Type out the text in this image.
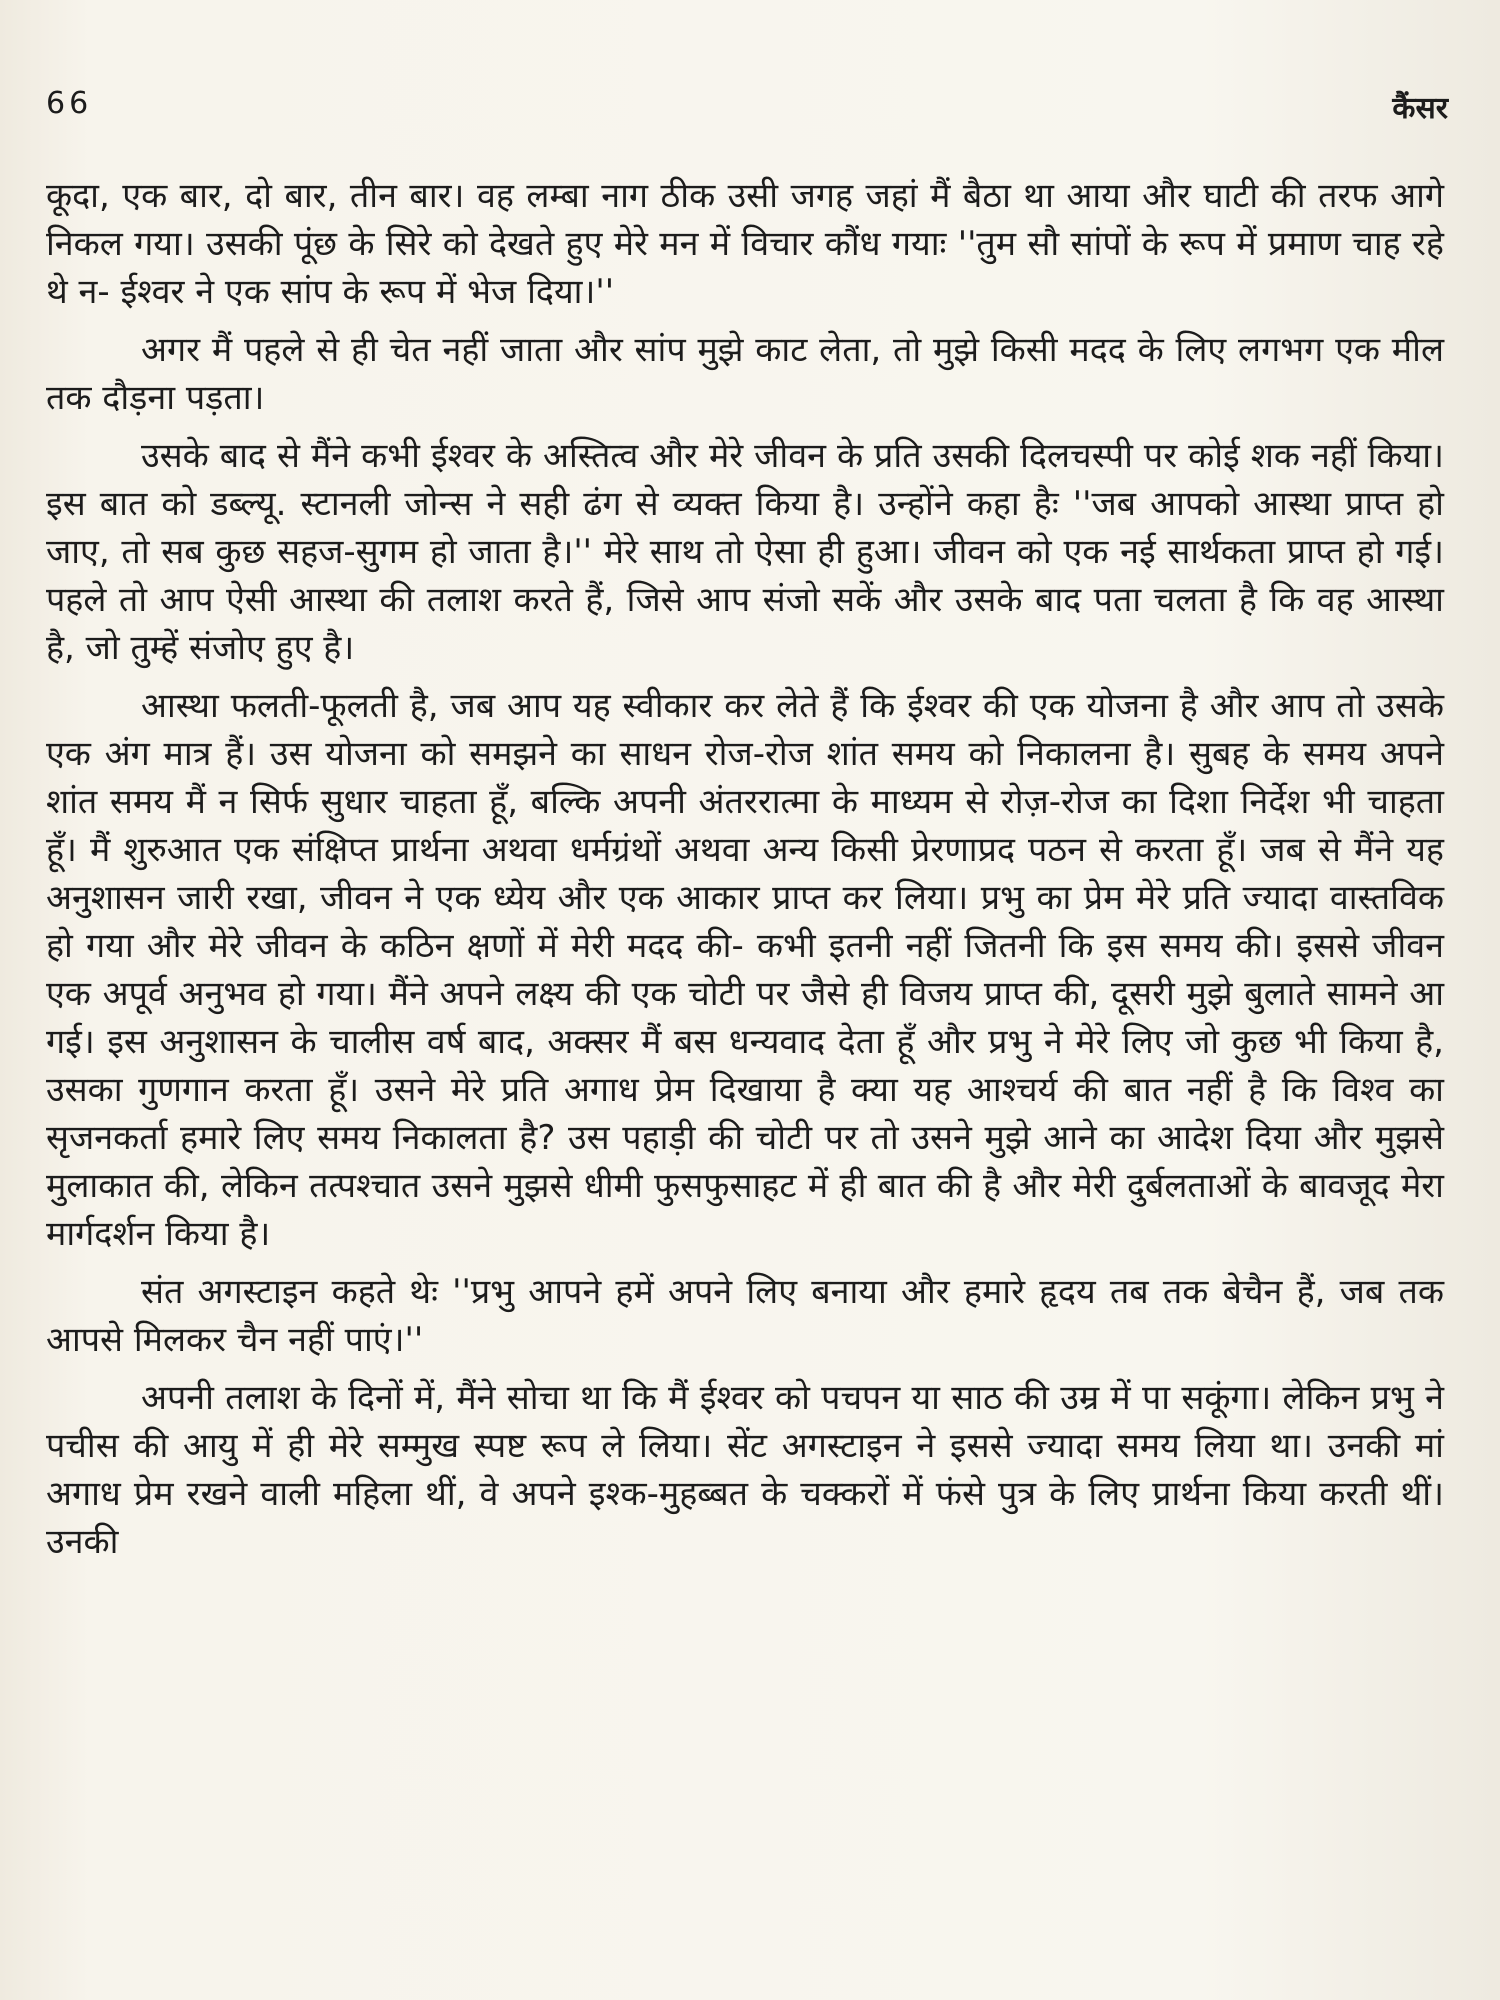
66	कैंसर

कूदा, एक बार, दो बार, तीन बार। वह लम्बा नाग ठीक उसी जगह जहां मैं बैठा था आया और घाटी की तरफ आगे निकल गया। उसकी पूंछ के सिरे को देखते हुए मेरे मन में विचार कौंध गयाः ''तुम सौ सांपों के रूप में प्रमाण चाह रहे थे न- ईश्वर ने एक सांप के रूप में भेज दिया।''

अगर मैं पहले से ही चेत नहीं जाता और सांप मुझे काट लेता, तो मुझे किसी मदद के लिए लगभग एक मील तक दौड़ना पड़ता।

उसके बाद से मैंने कभी ईश्वर के अस्तित्व और मेरे जीवन के प्रति उसकी दिलचस्पी पर कोई शक नहीं किया। इस बात को डब्ल्यू. स्टानली जोन्स ने सही ढंग से व्यक्त किया है। उन्होंने कहा हैः ''जब आपको आस्था प्राप्त हो जाए, तो सब कुछ सहज-सुगम हो जाता है।'' मेरे साथ तो ऐसा ही हुआ। जीवन को एक नई सार्थकता प्राप्त हो गई। पहले तो आप ऐसी आस्था की तलाश करते हैं, जिसे आप संजो सकें और उसके बाद पता चलता है कि वह आस्था है, जो तुम्हें संजोए हुए है।

आस्था फलती-फूलती है, जब आप यह स्वीकार कर लेते हैं कि ईश्वर की एक योजना है और आप तो उसके एक अंग मात्र हैं। उस योजना को समझने का साधन रोज-रोज शांत समय को निकालना है। सुबह के समय अपने शांत समय मैं न सिर्फ सुधार चाहता हूँ, बल्कि अपनी अंतररात्मा के माध्यम से रोज़-रोज का दिशा निर्देश भी चाहता हूँ। मैं शुरुआत एक संक्षिप्त प्रार्थना अथवा धर्मग्रंथों अथवा अन्य किसी प्रेरणाप्रद पठन से करता हूँ। जब से मैंने यह अनुशासन जारी रखा, जीवन ने एक ध्येय और एक आकार प्राप्त कर लिया। प्रभु का प्रेम मेरे प्रति ज्यादा वास्तविक हो गया और मेरे जीवन के कठिन क्षणों में मेरी मदद की- कभी इतनी नहीं जितनी कि इस समय की। इससे जीवन एक अपूर्व अनुभव हो गया। मैंने अपने लक्ष्य की एक चोटी पर जैसे ही विजय प्राप्त की, दूसरी मुझे बुलाते सामने आ गई। इस अनुशासन के चालीस वर्ष बाद, अक्सर मैं बस धन्यवाद देता हूँ और प्रभु ने मेरे लिए जो कुछ भी किया है, उसका गुणगान करता हूँ। उसने मेरे प्रति अगाध प्रेम दिखाया है क्या यह आश्चर्य की बात नहीं है कि विश्व का सृजनकर्ता हमारे लिए समय निकालता है? उस पहाड़ी की चोटी पर तो उसने मुझे आने का आदेश दिया और मुझसे मुलाकात की, लेकिन तत्पश्चात उसने मुझसे धीमी फुसफुसाहट में ही बात की है और मेरी दुर्बलताओं के बावजूद मेरा मार्गदर्शन किया है।

संत अगस्टाइन कहते थेः ''प्रभु आपने हमें अपने लिए बनाया और हमारे हृदय तब तक बेचैन हैं, जब तक आपसे मिलकर चैन नहीं पाएं।''

अपनी तलाश के दिनों में, मैंने सोचा था कि मैं ईश्वर को पचपन या साठ की उम्र में पा सकूंगा। लेकिन प्रभु ने पचीस की आयु में ही मेरे सम्मुख स्पष्ट रूप ले लिया। सेंट अगस्टाइन ने इससे ज्यादा समय लिया था। उनकी मां अगाध प्रेम रखने वाली महिला थीं, वे अपने इश्क-मुहब्बत के चक्करों में फंसे पुत्र के लिए प्रार्थना किया करती थीं। उनकी
